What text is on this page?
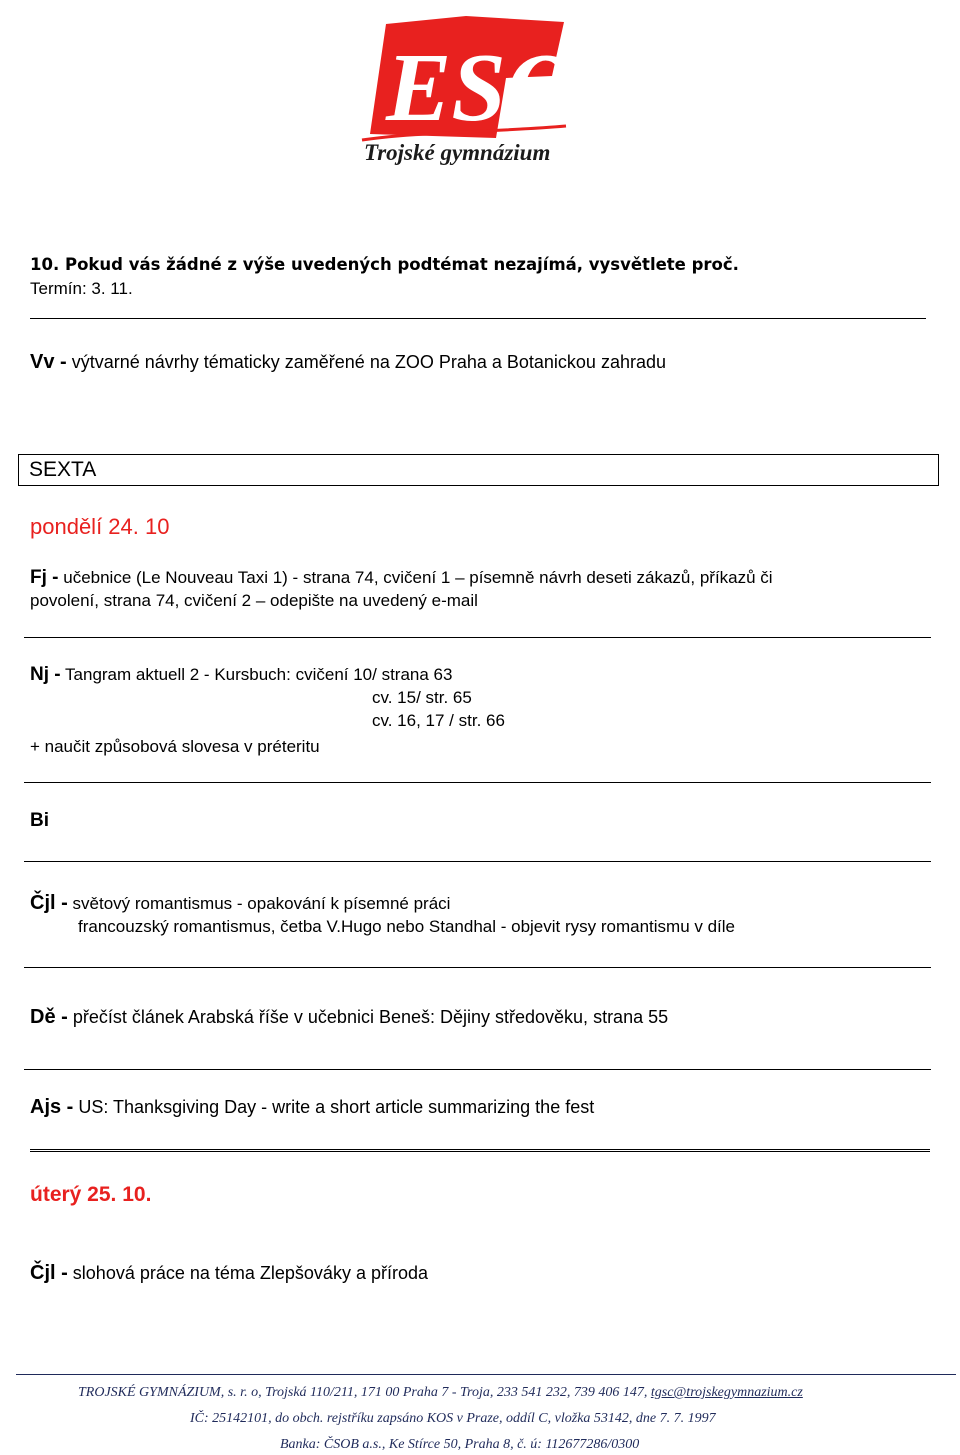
ESO
Trojské gymnázium
10. Pokud vás žádné z výše uvedených podtémat nezajímá, vysvětlete proč.
Termín: 3. 11.
Vv - výtvarné návrhy tématicky zaměřené na ZOO Praha a Botanickou zahradu
SEXTA
pondělí 24. 10
Fj - učebnice (Le Nouveau Taxi 1) - strana 74, cvičení 1 – písemně návrh deseti zákazů, příkazů či
povolení, strana 74, cvičení 2 – odepište na uvedený e-mail
Nj - Tangram aktuell 2 - Kursbuch: cvičení 10/ strana 63
cv. 15/ str. 65
cv. 16, 17 / str. 66
+ naučit způsobová slovesa v préteritu
Bi
Čjl - světový romantismus - opakování k písemné práci
francouzský romantismus, četba V.Hugo nebo Standhal - objevit rysy romantismu v díle
Dě - přečíst článek Arabská říše v učebnici Beneš: Dějiny středověku, strana 55
Ajs - US: Thanksgiving Day - write a short article summarizing the fest
úterý 25. 10.
Čjl - slohová práce na téma Zlepšováky a příroda
TROJSKÉ GYMNÁZIUM, s. r. o, Trojská 110/211, 171 00 Praha 7 - Troja, 233 541 232, 739 406 147, tgsc@trojskegymnazium.cz
IČ: 25142101, do obch. rejstříku zapsáno KOS v Praze, oddíl C, vložka 53142, dne 7. 7. 1997
Banka: ČSOB a.s., Ke Stírce 50, Praha 8, č. ú: 112677286/0300
